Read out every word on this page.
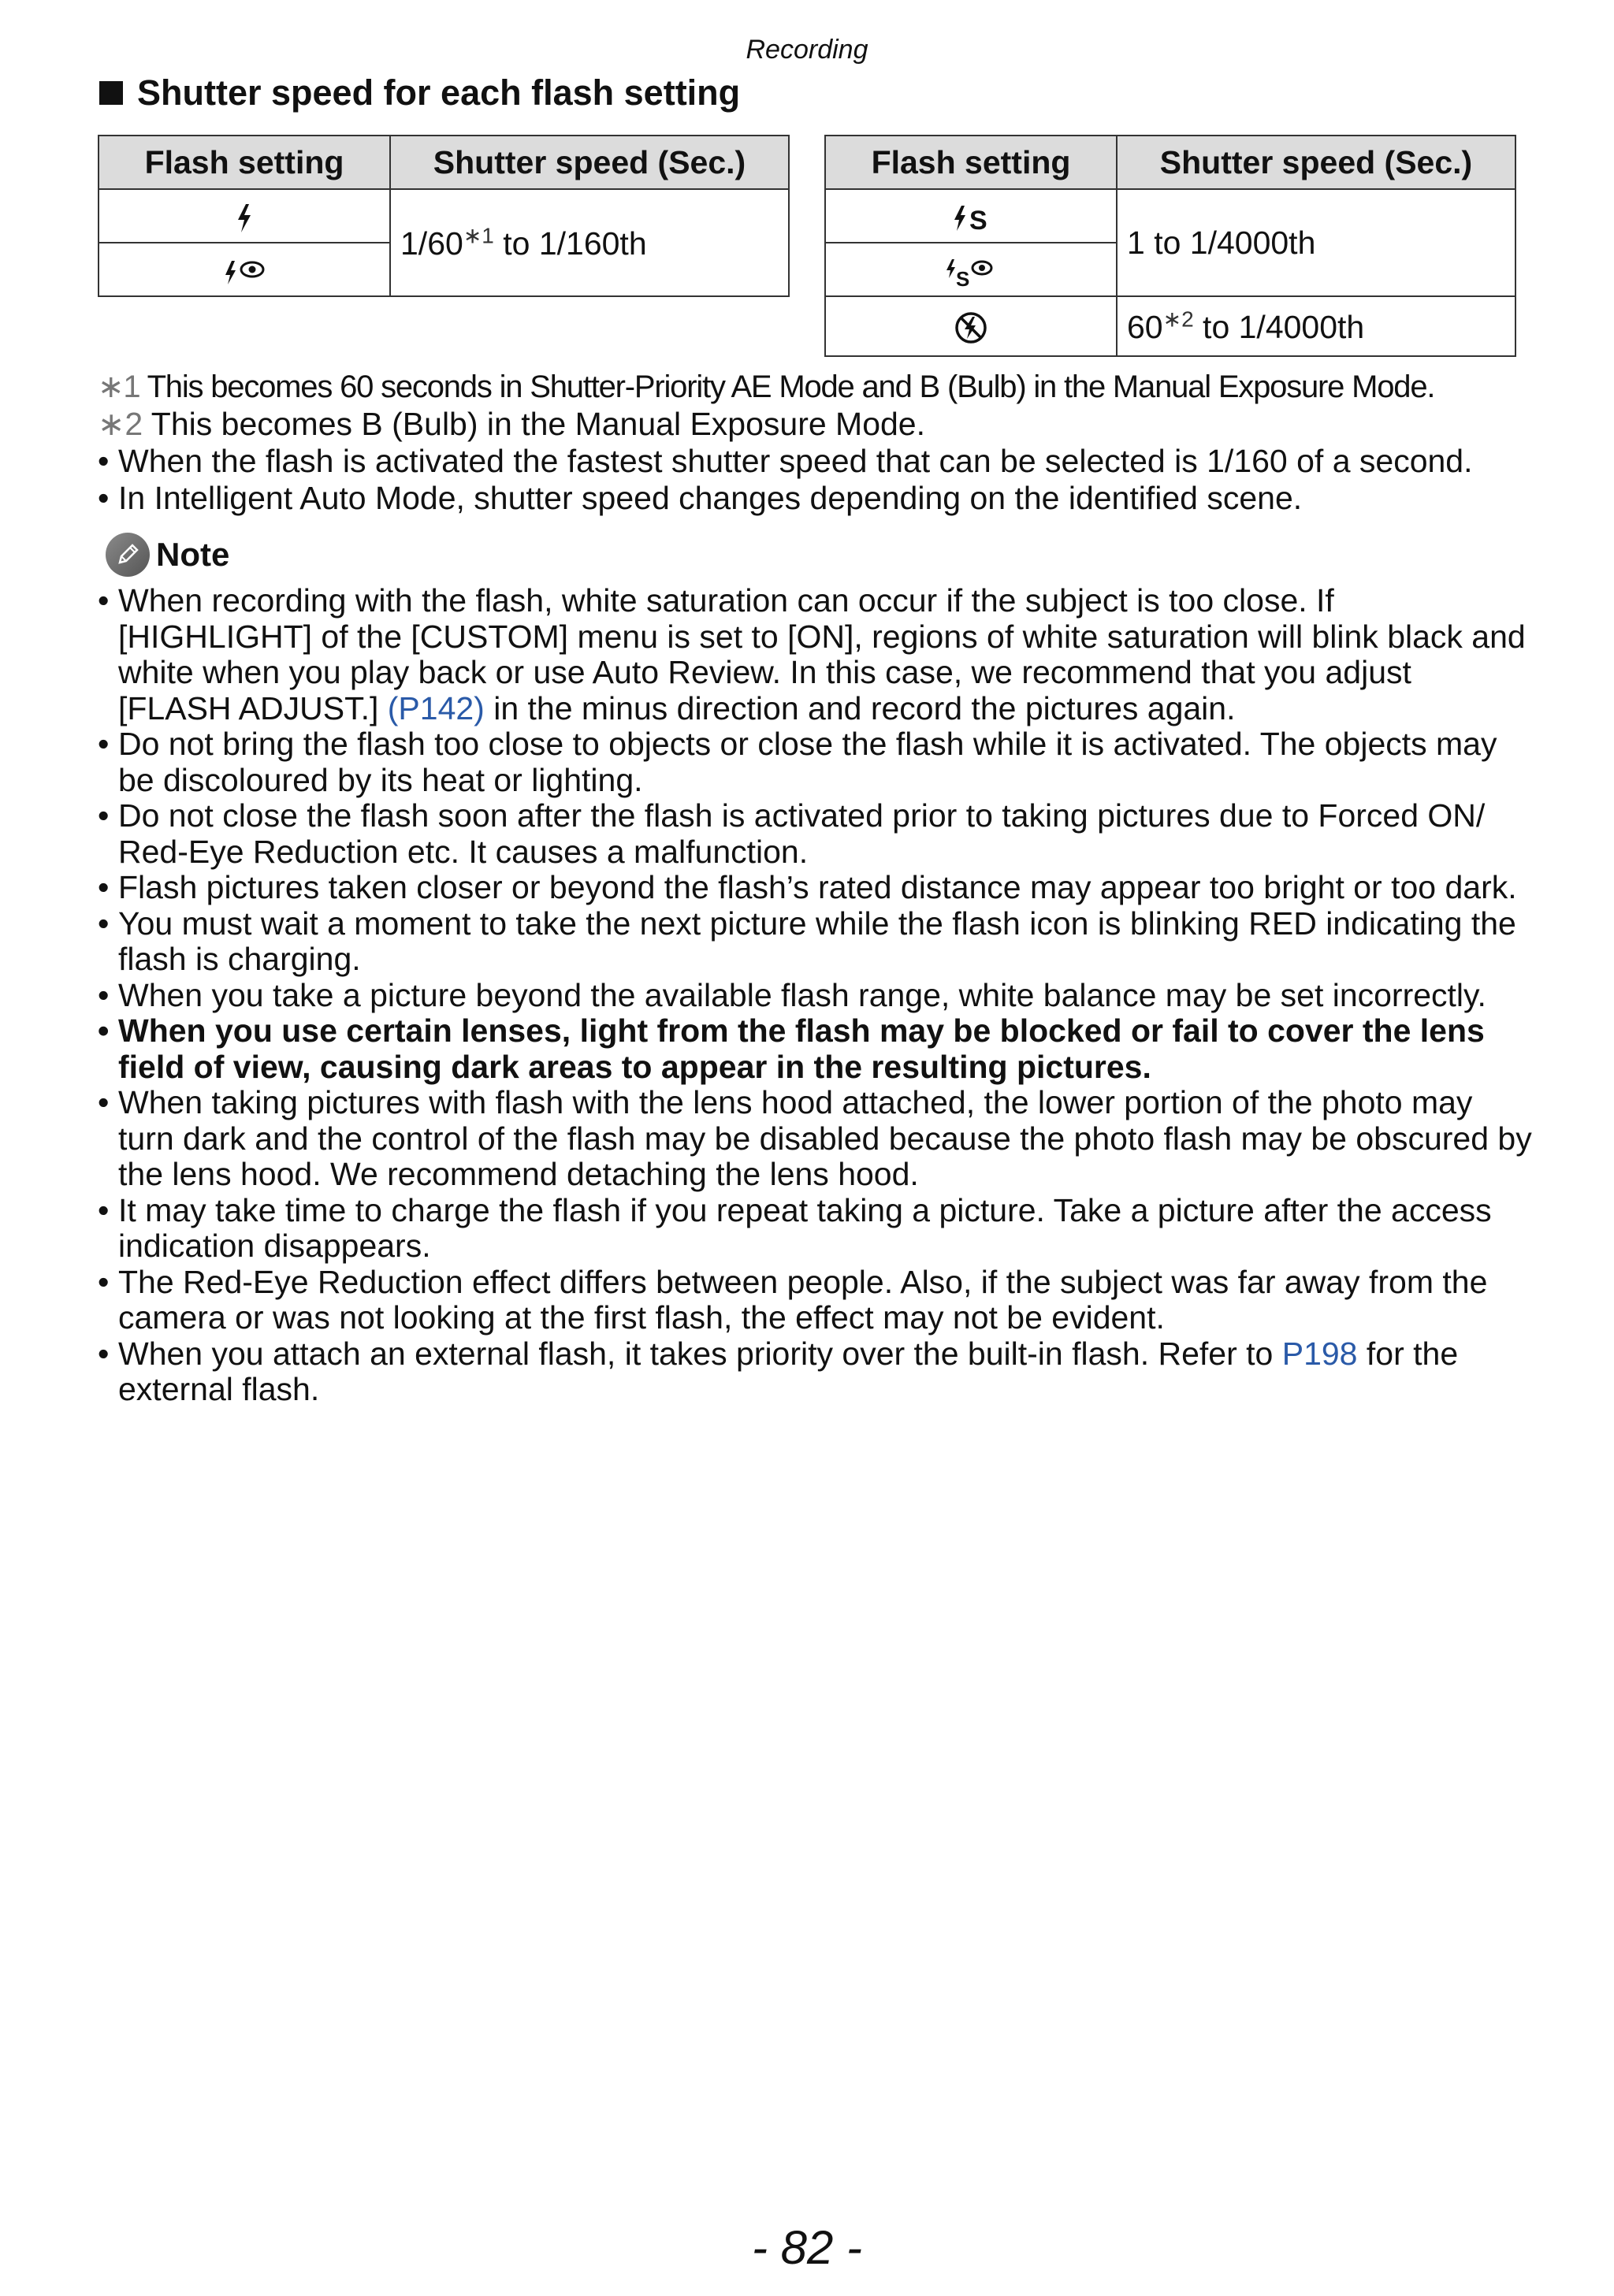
Recording
Shutter speed for each flash setting
Flash setting	Shutter speed (Sec.)

	$1/60^{∗1}$ to 1/160th

Flash setting	Shutter speed (Sec.)

S	1 to 1/4000th

S	

	$60^{∗2}$ to 1/4000th
∗1 This becomes 60 seconds in Shutter-Priority AE Mode and B (Bulb) in the Manual Exposure Mode.
∗2 This becomes B (Bulb) in the Manual Exposure Mode.
• When the flash is activated the fastest shutter speed that can be selected is 1/160 of a second.
• In Intelligent Auto Mode, shutter speed changes depending on the identified scene.
Note
• When recording with the flash, white saturation can occur if the subject is too close. If [HIGHLIGHT] of the [CUSTOM] menu is set to [ON], regions of white saturation will blink black and white when you play back or use Auto Review. In this case, we recommend that you adjust [FLASH ADJUST.] (P142) in the minus direction and record the pictures again.
• Do not bring the flash too close to objects or close the flash while it is activated. The objects may be discoloured by its heat or lighting.
• Do not close the flash soon after the flash is activated prior to taking pictures due to Forced ON/ Red-Eye Reduction etc. It causes a malfunction.
• Flash pictures taken closer or beyond the flash’s rated distance may appear too bright or too dark.
• You must wait a moment to take the next picture while the flash icon is blinking RED indicating the flash is charging.
• When you take a picture beyond the available flash range, white balance may be set incorrectly.
• When you use certain lenses, light from the flash may be blocked or fail to cover the lens field of view, causing dark areas to appear in the resulting pictures.
• When taking pictures with flash with the lens hood attached, the lower portion of the photo may turn dark and the control of the flash may be disabled because the photo flash may be obscured by the lens hood. We recommend detaching the lens hood.
• It may take time to charge the flash if you repeat taking a picture. Take a picture after the access indication disappears.
• The Red-Eye Reduction effect differs between people. Also, if the subject was far away from the camera or was not looking at the first flash, the effect may not be evident.
• When you attach an external flash, it takes priority over the built-in flash. Refer to P198 for the external flash.
- 82 -
